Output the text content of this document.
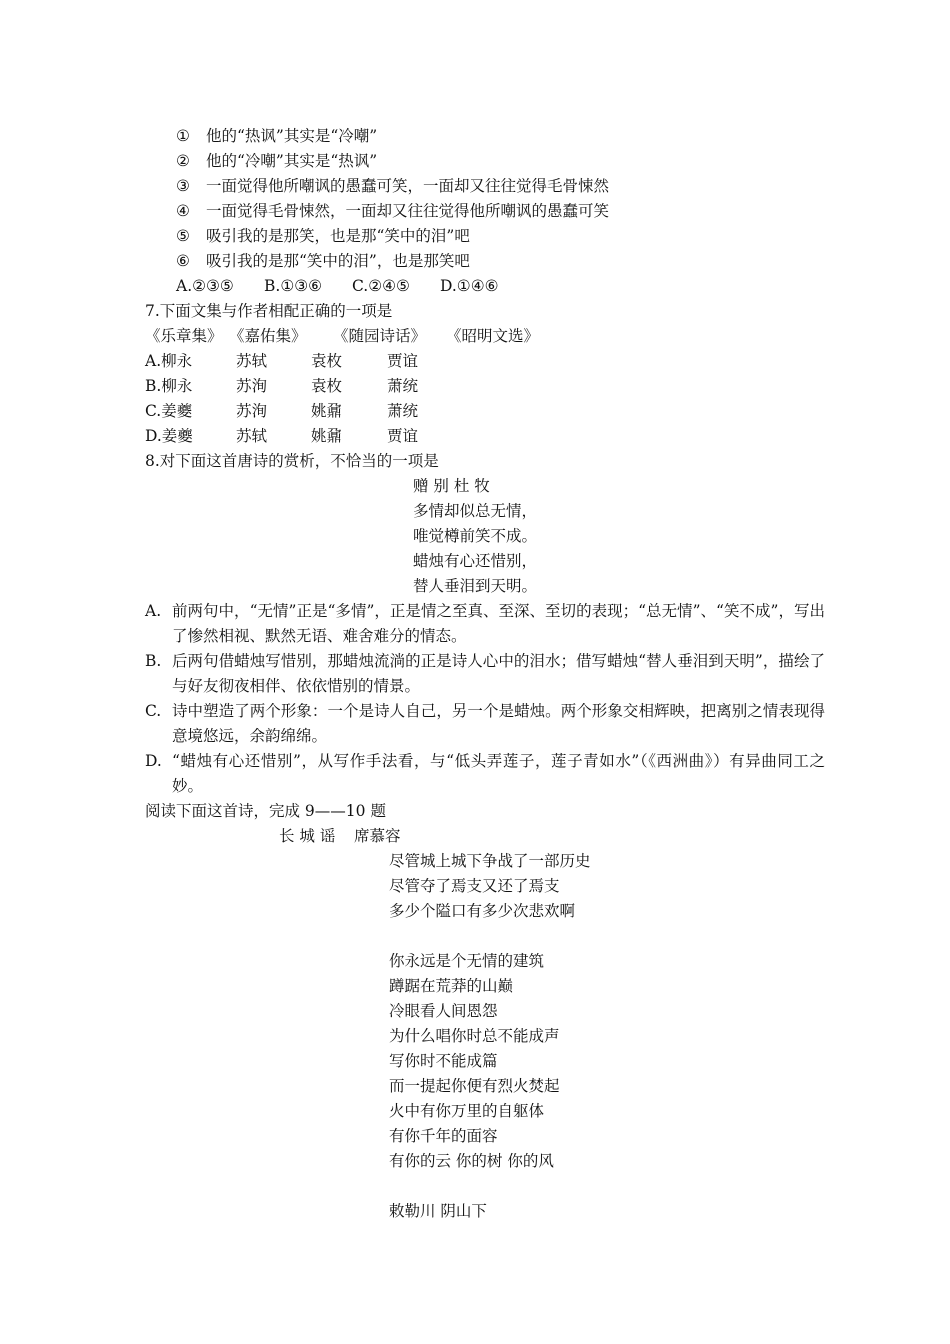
① 他的“热讽”其实是“冷嘲”
② 他的“冷嘲”其实是“热讽”
③ 一面觉得他所嘲讽的愚蠢可笑，一面却又往往觉得毛骨悚然
④ 一面觉得毛骨悚然，一面却又往往觉得他所嘲讽的愚蠢可笑
⑤ 吸引我的是那笑，也是那“笑中的泪”吧
⑥ 吸引我的是那“笑中的泪”，也是那笑吧
A.②③⑤ B.①③⑥ C.②④⑤ D.①④⑥
7.下面文集与作者相配正确的一项是
《乐章集》 《嘉佑集》 《随园诗话》 《昭明文选》
A.柳永	苏轼	袁枚	贾谊
B.柳永	苏洵	袁枚	萧统
C.姜夔	苏洵	姚鼐	萧统
D.姜夔	苏轼	姚鼐	贾谊
8.对下面这首唐诗的赏析，不恰当的一项是
赠 别 杜 牧
多情却似总无情，
唯觉樽前笑不成。
蜡烛有心还惜别，
替人垂泪到天明。
A. 前两句中，“无情”正是“多情”，正是情之至真、至深、至切的表现；“总无情”、“笑不成”，写出了惨然相视、默然无语、难舍难分的情态。
B. 后两句借蜡烛写惜别，那蜡烛流淌的正是诗人心中的泪水；借写蜡烛“替人垂泪到天明”，描绘了与好友彻夜相伴、依依惜别的情景。
C. 诗中塑造了两个形象：一个是诗人自己，另一个是蜡烛。两个形象交相辉映，把离别之情表现得意境悠远，余韵绵绵。
D. “蜡烛有心还惜别”，从写作手法看，与“低头弄莲子，莲子青如水”（《西洲曲》）有异曲同工之妙。
阅读下面这首诗，完成 9——10 题
长 城 谣 席慕容
尽管城上城下争战了一部历史
尽管夺了焉支又还了焉支
多少个隘口有多少次悲欢啊
你永远是个无情的建筑
蹲踞在荒莽的山巅
冷眼看人间恩怨
为什么唱你时总不能成声
写你时不能成篇
而一提起你便有烈火焚起
火中有你万里的自躯体
有你千年的面容
有你的云 你的树 你的风
敕勒川 阴山下
